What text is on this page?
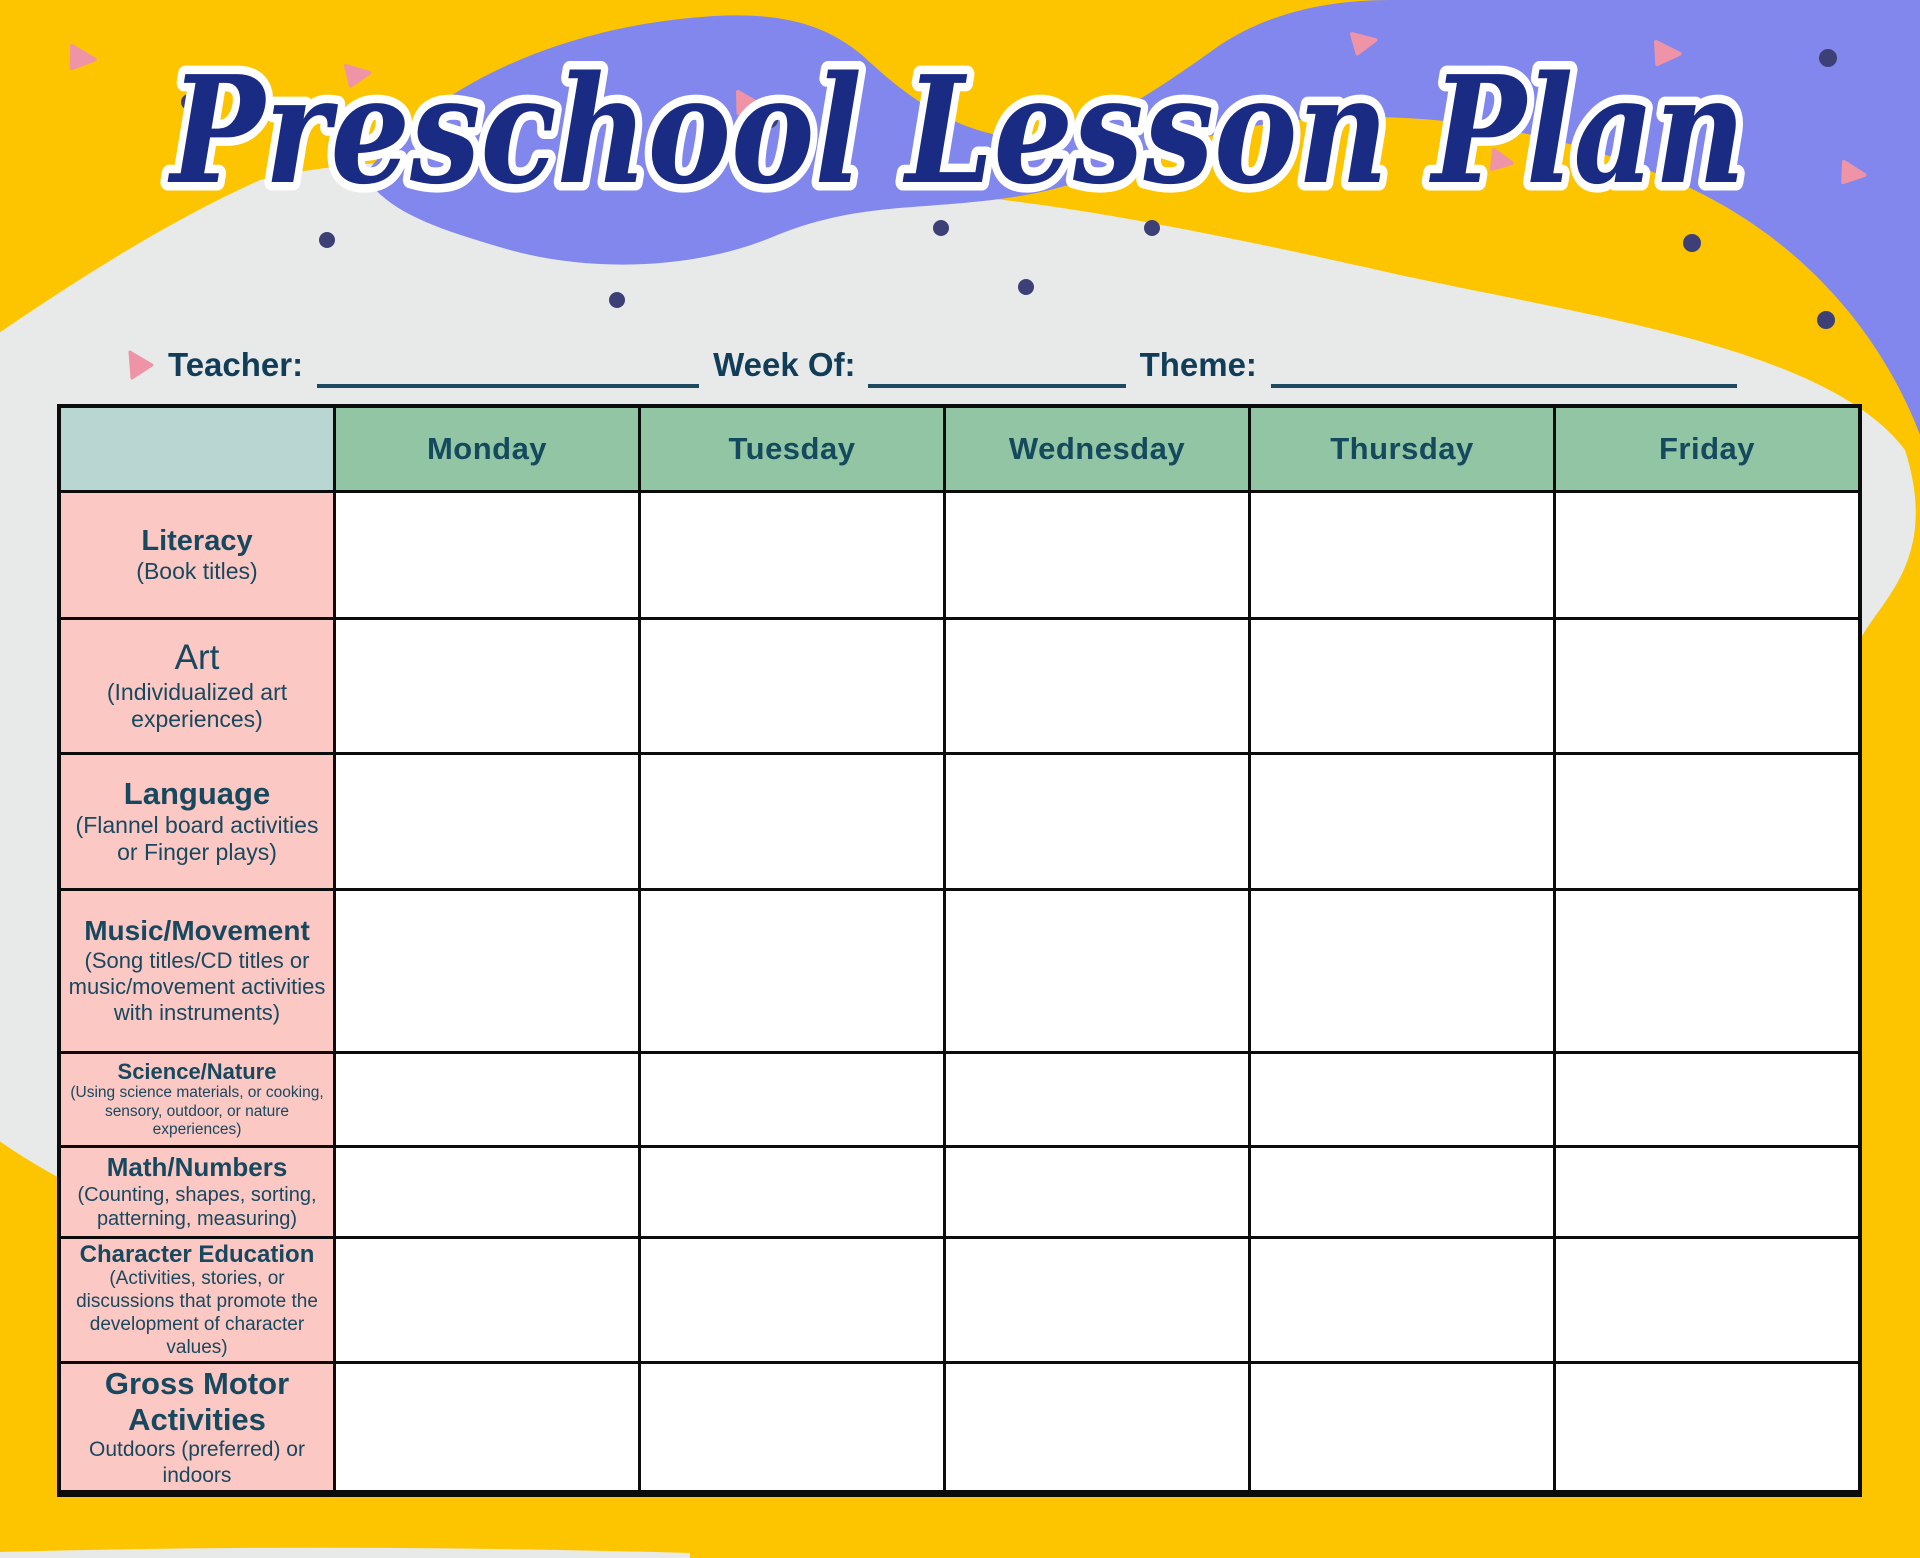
Preschool Lesson Plan
Teacher:	Week Of:	Theme:
Monday	Tuesday	Wednesday	Thursday	Friday
Literacy
(Book titles)
Art
(Individualized art experiences)
Language
(Flannel board activities or Finger plays)
Music/Movement
(Song titles/CD titles or music/movement activities with instruments)
Science/Nature
(Using science materials, or cooking, sensory, outdoor, or nature experiences)
Math/Numbers
(Counting, shapes, sorting, patterning, measuring)
Character Education
(Activities, stories, or discussions that promote the development of character values)
Gross Motor Activities
Outdoors (preferred) or indoors
